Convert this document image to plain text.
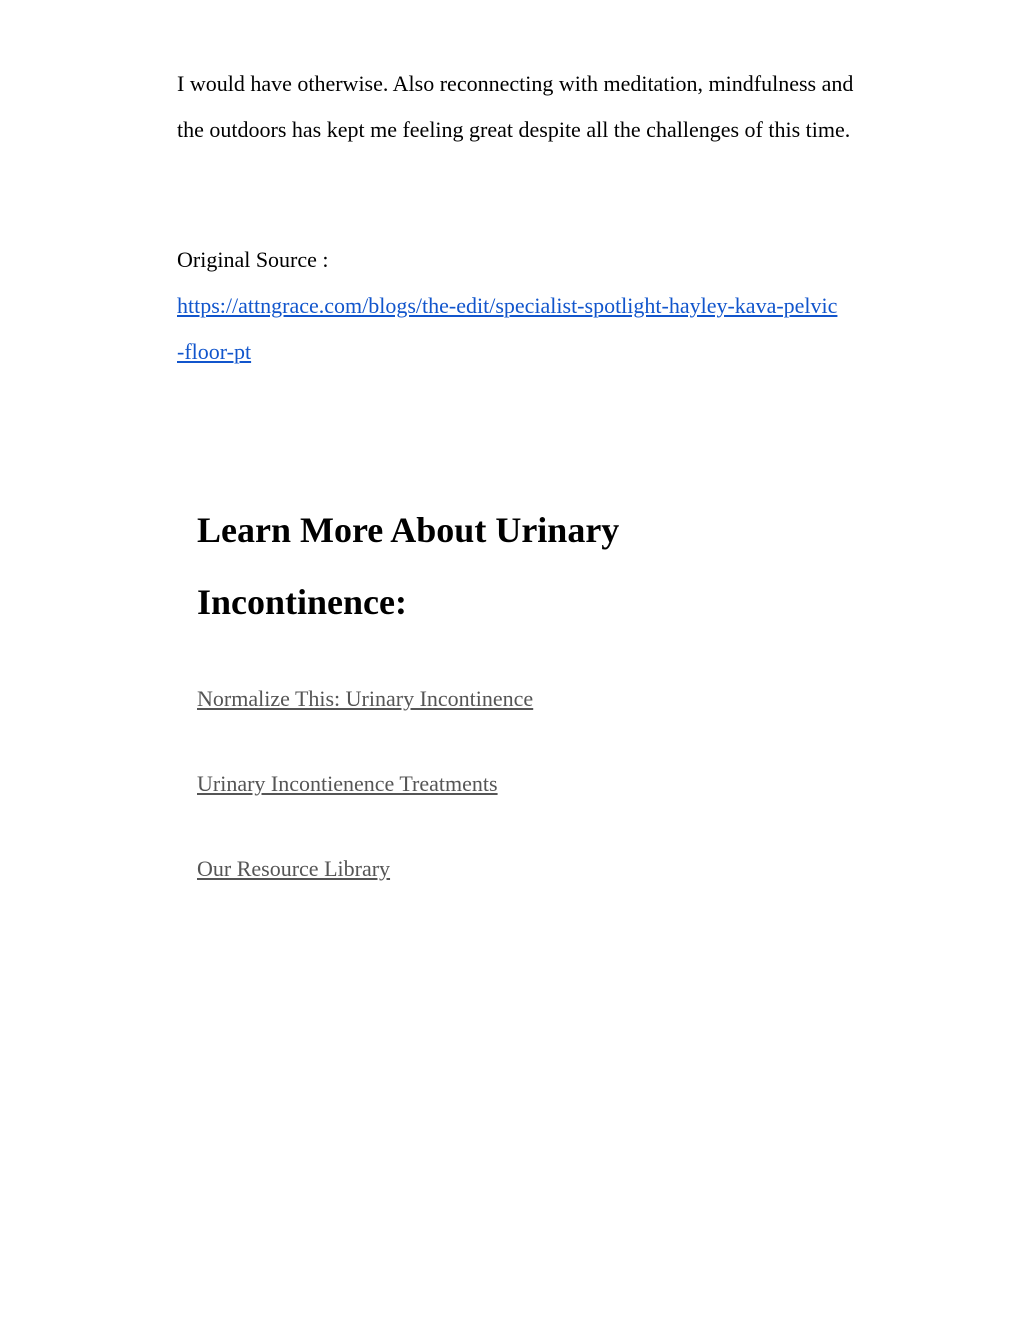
I would have otherwise. Also reconnecting with meditation, mindfulness and the outdoors has kept me feeling great despite all the challenges of this time.

Original Source :
https://attngrace.com/blogs/the-edit/specialist-spotlight-hayley-kava-pelvic-floor-pt
Learn More About Urinary Incontinence:
Normalize This: Urinary Incontinence
Urinary Incontienence Treatments
Our Resource Library
